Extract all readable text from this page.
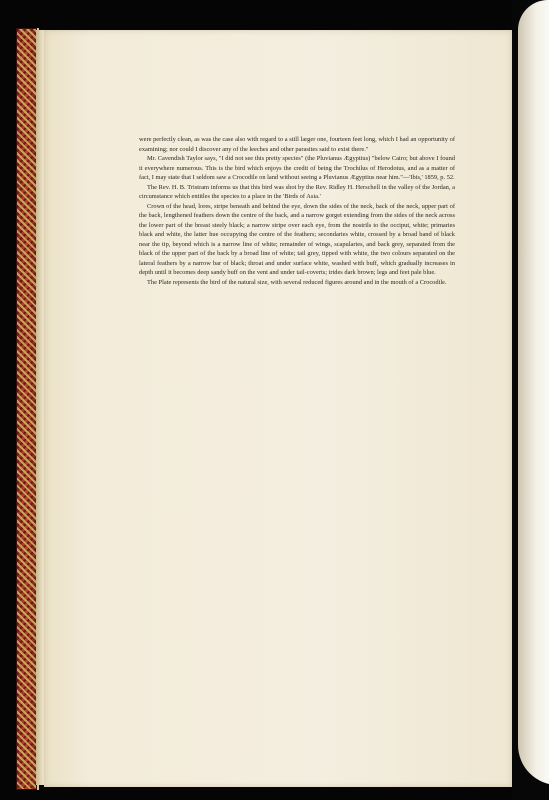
were perfectly clean, as was the case also with regard to a still larger one, fourteen feet long, which I had an opportunity of examining; nor could I discover any of the leeches and other parasites said to exist there."

Mr. Cavendish Taylor says, "I did not see this pretty species" (the Pluvianus Ægyptius) "below Cairo; but above I found it everywhere numerous. This is the bird which enjoys the credit of being the Trochilus of Herodotus, and as a matter of fact, I may state that I seldom saw a Crocodile on land without seeing a Pluvianus Ægyptius near him."—'Ibis,' 1859, p. 52.

The Rev. H. B. Tristram informs us that this bird was shot by the Rev. Ridley H. Herschell in the valley of the Jordan, a circumstance which entitles the species to a place in the 'Birds of Asia.'

Crown of the head, lores, stripe beneath and behind the eye, down the sides of the neck, back of the neck, upper part of the back, lengthened feathers down the centre of the back, and a narrow gorget extending from the sides of the neck across the lower part of the breast steely black; a narrow stripe over each eye, from the nostrils to the occiput, white; primaries black and white, the latter hue occupying the centre of the feathers; secondaries white, crossed by a broad band of black near the tip, beyond which is a narrow line of white; remainder of wings, scapularies, and back grey, separated from the black of the upper part of the back by a broad line of white; tail grey, tipped with white, the two colours separated on the lateral feathers by a narrow bar of black; throat and under surface white, washed with buff, which gradually increases in depth until it becomes deep sandy buff on the vent and under tail-coverts; irides dark brown; legs and feet pale blue.

The Plate represents the bird of the natural size, with several reduced figures around and in the mouth of a Crocodile.
